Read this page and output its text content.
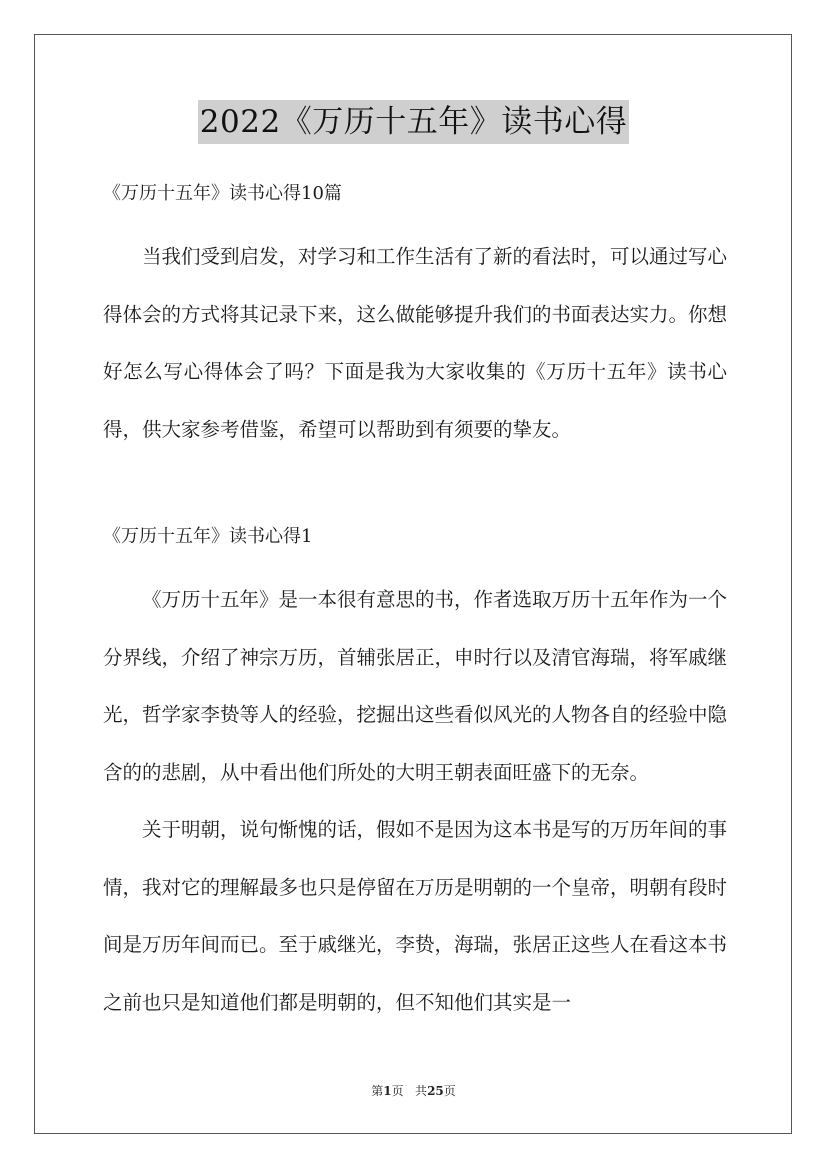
2022《万历十五年》读书心得

《万历十五年》读书心得10篇

当我们受到启发，对学习和工作生活有了新的看法时，可以通过写心得体会的方式将其记录下来，这么做能够提升我们的书面表达实力。你想好怎么写心得体会了吗？下面是我为大家收集的《万历十五年》读书心得，供大家参考借鉴，希望可以帮助到有须要的挚友。

《万历十五年》读书心得1

《万历十五年》是一本很有意思的书，作者选取万历十五年作为一个分界线，介绍了神宗万历，首辅张居正，申时行以及清官海瑞，将军戚继光，哲学家李贽等人的经验，挖掘出这些看似风光的人物各自的经验中隐含的的悲剧，从中看出他们所处的大明王朝表面旺盛下的无奈。

关于明朝，说句惭愧的话，假如不是因为这本书是写的万历年间的事情，我对它的理解最多也只是停留在万历是明朝的一个皇帝，明朝有段时间是万历年间而已。至于戚继光，李贽，海瑞，张居正这些人在看这本书之前也只是知道他们都是明朝的，但不知他们其实是一

第1页 共25页
